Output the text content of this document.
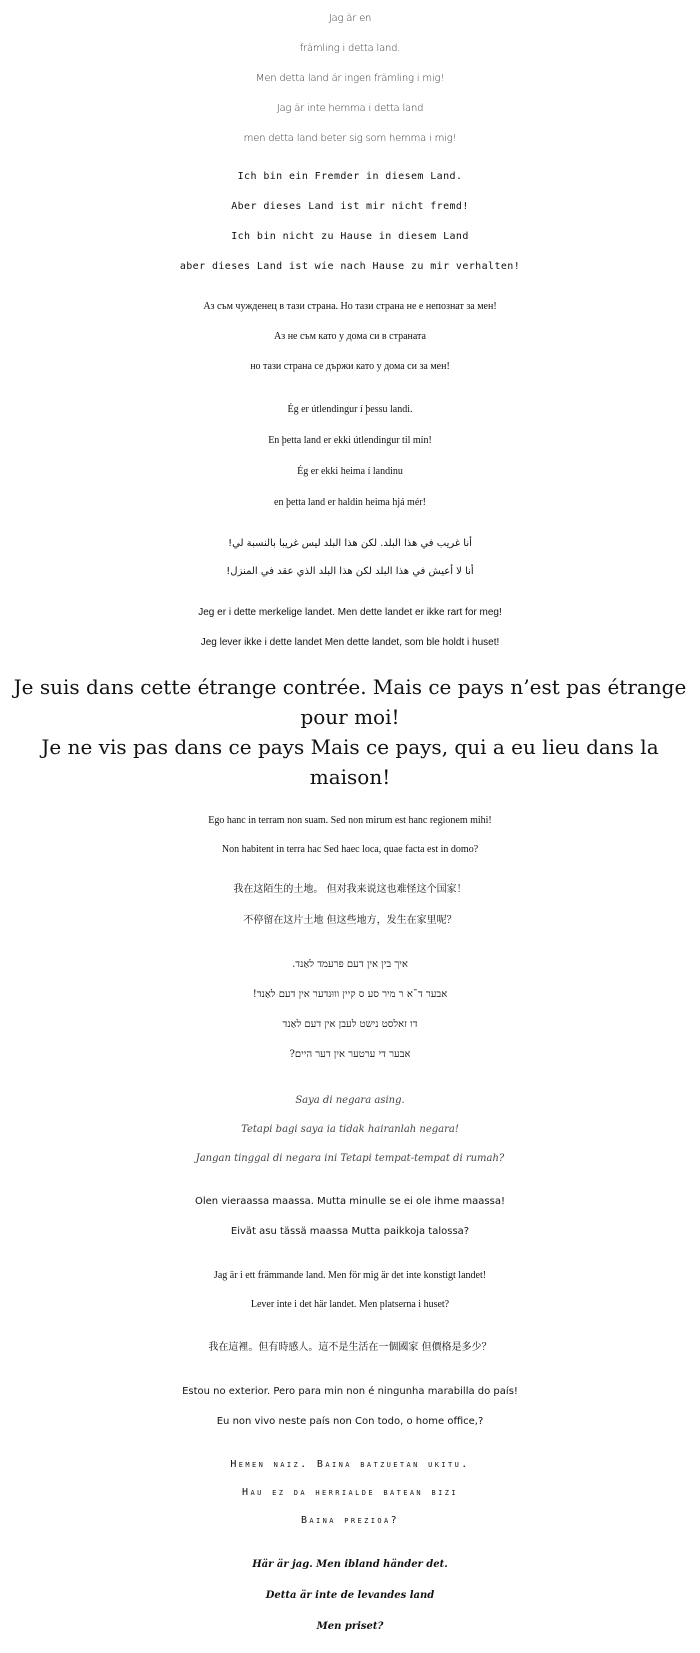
Jag är en

främling i detta land.

Men detta land är ingen främling i mig!

Jag är inte hemma i detta land

men detta land beter sig som hemma i mig!

Ich bin ein Fremder in diesem Land.

Aber dieses Land ist mir nicht fremd!

Ich bin nicht zu Hause in diesem Land

aber dieses Land ist wie nach Hause zu mir verhalten!

Аз съм чужденец в тази страна. Но тази страна не е непознат за мен!

Аз не съм като у дома си в страната

но тази страна се държи като у дома си за мен!

Ég er útlendingur í þessu landi.

En þetta land er ekki útlendingur til mín!

Ég er ekki heima í landinu

en þetta land er haldin heima hjá mér!

أنا غريب في هذا البلد. لكن هذا البلد ليس غريبا بالنسبة لي!

أنا لا أعيش في هذا البلد لكن هذا البلد الذي عقد في المنزل!

Jeg er i dette merkelige landet. Men dette landet er ikke rart for meg!

Jeg lever ikke i dette landet Men dette landet, som ble holdt i huset!

Je suis dans cette étrange contrée. Mais ce pays n’est pas étrange pour moi!

Je ne vis pas dans ce pays Mais ce pays, qui a eu lieu dans la maison!

Ego hanc in terram non suam. Sed non mirum est hanc regionem mihi!

Non habitent in terra hac Sed haec loca, quae facta est in domo?

我在这陌生的土地。 但对我来说这也难怪这个国家！

不停留在这片土地 但这些地方，发生在家里呢？

איך בין אין דעם פרעמד לאַנד.

אבער ד¯א ר מיר סע ס קיין וווּנדער אין דעם לאַנד!

דו זאלסט נישט לעבן אין דעם לאַנד

אבער די ערטער אין דער היים?

Saya di negara asing.

Tetapi bagi saya ia tidak hairanlah negara!

Jangan tinggal di negara ini Tetapi tempat-tempat di rumah?

Olen vieraassa maassa. Mutta minulle se ei ole ihme maassa!

Eivät asu tässä maassa Mutta paikkoja talossa?

Jag är i ett främmande land. Men för mig är det inte konstigt landet!

Lever inte i det här landet. Men platserna i huset?

我在這裡。但有時感人。這不是生活在一個國家 但價格是多少？

Estou no exterior. Pero para min non é ningunha marabilla do país!

Eu non vivo neste país non Con todo, o home office,?

Hemen naiz. Baina batzuetan ukitu.

Hau ez da herrialde batean bizi

Baina prezioa?

Här är jag. Men ibland händer det.

Detta är inte de levandes land

Men priset?
